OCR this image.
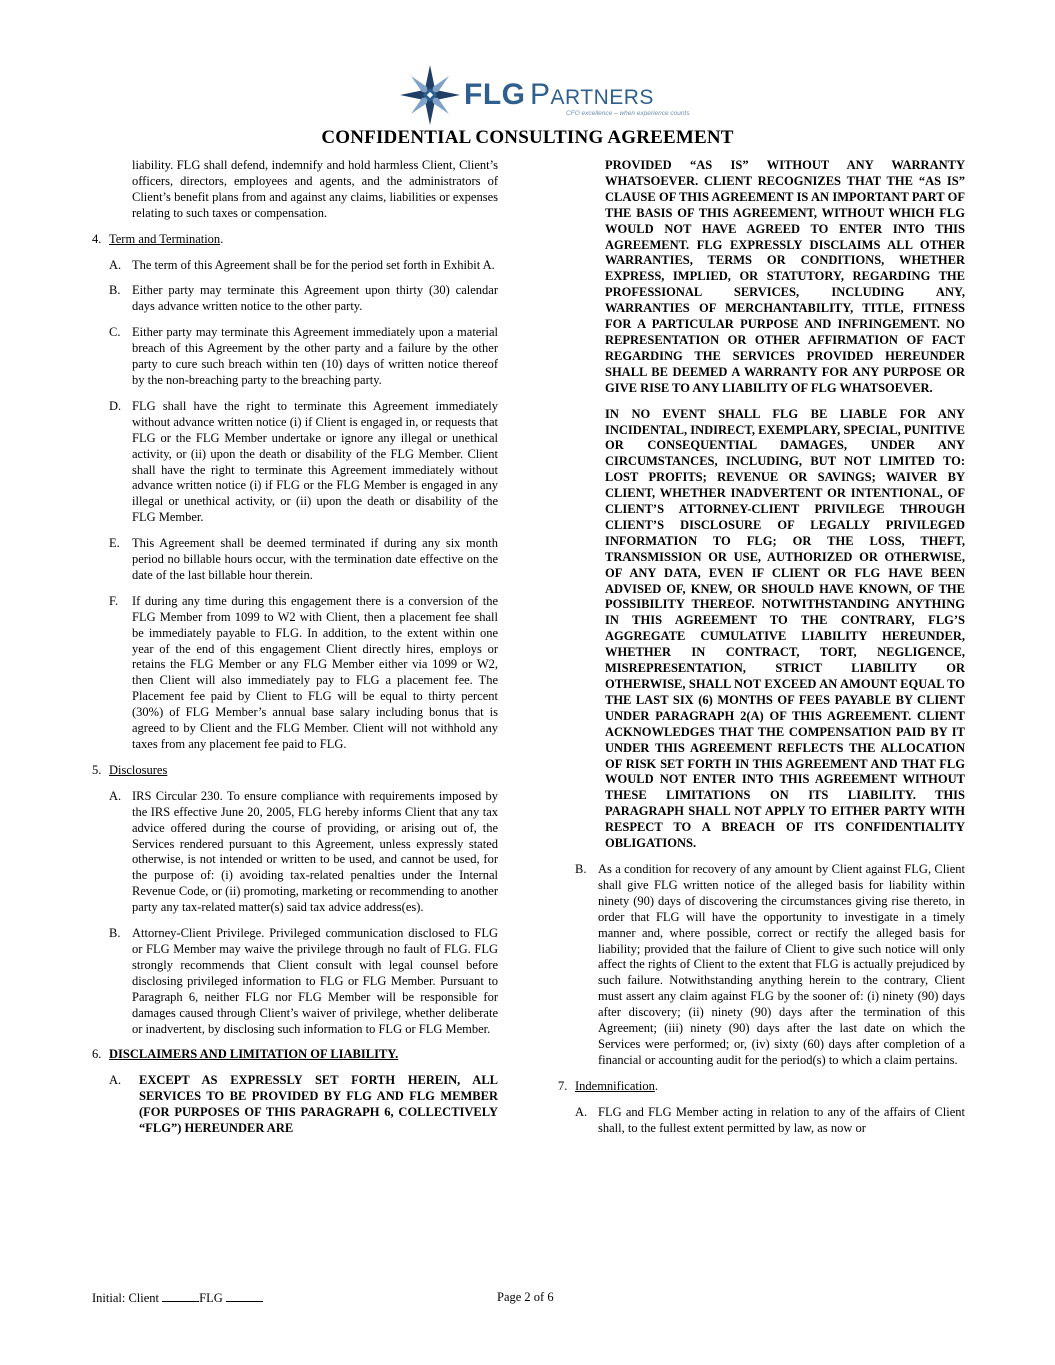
FLG Partners
CFO excellence – when experience counts
CONFIDENTIAL CONSULTING AGREEMENT

liability. FLG shall defend, indemnify and hold harmless Client, Client’s officers, directors, employees and agents, and the administrators of Client’s benefit plans from and against any claims, liabilities or expenses relating to such taxes or compensation.

4. Term and Termination.
A. The term of this Agreement shall be for the period set forth in Exhibit A.

B. Either party may terminate this Agreement upon thirty (30) calendar days advance written notice to the other party.

C. Either party may terminate this Agreement immediately upon a material breach of this Agreement by the other party and a failure by the other party to cure such breach within ten (10) days of written notice thereof by the non-breaching party to the breaching party.

D. FLG shall have the right to terminate this Agreement immediately without advance written notice (i) if Client is engaged in, or requests that FLG or the FLG Member undertake or ignore any illegal or unethical activity, or (ii) upon the death or disability of the FLG Member. Client shall have the right to terminate this Agreement immediately without advance written notice (i) if FLG or the FLG Member is engaged in any illegal or unethical activity, or (ii) upon the death or disability of the FLG Member.

E. This Agreement shall be deemed terminated if during any six month period no billable hours occur, with the termination date effective on the date of the last billable hour therein.

F. If during any time during this engagement there is a conversion of the FLG Member from 1099 to W2 with Client, then a placement fee shall be immediately payable to FLG. In addition, to the extent within one year of the end of this engagement Client directly hires, employs or retains the FLG Member or any FLG Member either via 1099 or W2, then Client will also immediately pay to FLG a placement fee. The Placement fee paid by Client to FLG will be equal to thirty percent (30%) of FLG Member’s annual base salary including bonus that is agreed to by Client and the FLG Member. Client will not withhold any taxes from any placement fee paid to FLG.

5. Disclosures
A. IRS Circular 230. To ensure compliance with requirements imposed by the IRS effective June 20, 2005, FLG hereby informs Client that any tax advice offered during the course of providing, or arising out of, the Services rendered pursuant to this Agreement, unless expressly stated otherwise, is not intended or written to be used, and cannot be used, for the purpose of: (i) avoiding tax-related penalties under the Internal Revenue Code, or (ii) promoting, marketing or recommending to another party any tax-related matter(s) said tax advice address(es).

B. Attorney-Client Privilege. Privileged communication disclosed to FLG or FLG Member may waive the privilege through no fault of FLG. FLG strongly recommends that Client consult with legal counsel before disclosing privileged information to FLG or FLG Member. Pursuant to Paragraph 6, neither FLG nor FLG Member will be responsible for damages caused through Client’s waiver of privilege, whether deliberate or inadvertent, by disclosing such information to FLG or FLG Member.

6. DISCLAIMERS AND LIMITATION OF LIABILITY.
A.	EXCEPT AS EXPRESSLY SET FORTH HEREIN, ALL SERVICES TO BE PROVIDED BY FLG AND FLG MEMBER (FOR PURPOSES OF THIS PARAGRAPH 6, COLLECTIVELY “FLG”) HEREUNDER ARE

PROVIDED “AS IS” WITHOUT ANY WARRANTY WHATSOEVER. CLIENT RECOGNIZES THAT THE “AS IS” CLAUSE OF THIS AGREEMENT IS AN IMPORTANT PART OF THE BASIS OF THIS AGREEMENT, WITHOUT WHICH FLG WOULD NOT HAVE AGREED TO ENTER INTO THIS AGREEMENT. FLG EXPRESSLY DISCLAIMS ALL OTHER WARRANTIES, TERMS OR CONDITIONS, WHETHER EXPRESS, IMPLIED, OR STATUTORY, REGARDING THE PROFESSIONAL SERVICES, INCLUDING ANY, WARRANTIES OF MERCHANTABILITY, TITLE, FITNESS FOR A PARTICULAR PURPOSE AND INFRINGEMENT. NO REPRESENTATION OR OTHER AFFIRMATION OF FACT REGARDING THE SERVICES PROVIDED HEREUNDER SHALL BE DEEMED A WARRANTY FOR ANY PURPOSE OR GIVE RISE TO ANY LIABILITY OF FLG WHATSOEVER.

IN NO EVENT SHALL FLG BE LIABLE FOR ANY INCIDENTAL, INDIRECT, EXEMPLARY, SPECIAL, PUNITIVE OR CONSEQUENTIAL DAMAGES, UNDER ANY CIRCUMSTANCES, INCLUDING, BUT NOT LIMITED TO: LOST PROFITS; REVENUE OR SAVINGS; WAIVER BY CLIENT, WHETHER INADVERTENT OR INTENTIONAL, OF CLIENT’S ATTORNEY-CLIENT PRIVILEGE THROUGH CLIENT’S DISCLOSURE OF LEGALLY PRIVILEGED INFORMATION TO FLG; OR THE LOSS, THEFT, TRANSMISSION OR USE, AUTHORIZED OR OTHERWISE, OF ANY DATA, EVEN IF CLIENT OR FLG HAVE BEEN ADVISED OF, KNEW, OR SHOULD HAVE KNOWN, OF THE POSSIBILITY THEREOF. NOTWITHSTANDING ANYTHING IN THIS AGREEMENT TO THE CONTRARY, FLG’S AGGREGATE CUMULATIVE LIABILITY HEREUNDER, WHETHER IN CONTRACT, TORT, NEGLIGENCE, MISREPRESENTATION, STRICT LIABILITY OR OTHERWISE, SHALL NOT EXCEED AN AMOUNT EQUAL TO THE LAST SIX (6) MONTHS OF FEES PAYABLE BY CLIENT UNDER PARAGRAPH 2(A) OF THIS AGREEMENT. CLIENT ACKNOWLEDGES THAT THE COMPENSATION PAID BY IT UNDER THIS AGREEMENT REFLECTS THE ALLOCATION OF RISK SET FORTH IN THIS AGREEMENT AND THAT FLG WOULD NOT ENTER INTO THIS AGREEMENT WITHOUT THESE LIMITATIONS ON ITS LIABILITY. THIS PARAGRAPH SHALL NOT APPLY TO EITHER PARTY WITH RESPECT TO A BREACH OF ITS CONFIDENTIALITY OBLIGATIONS.

B. As a condition for recovery of any amount by Client against FLG, Client shall give FLG written notice of the alleged basis for liability within ninety (90) days of discovering the circumstances giving rise thereto, in order that FLG will have the opportunity to investigate in a timely manner and, where possible, correct or rectify the alleged basis for liability; provided that the failure of Client to give such notice will only affect the rights of Client to the extent that FLG is actually prejudiced by such failure. Notwithstanding anything herein to the contrary, Client must assert any claim against FLG by the sooner of: (i) ninety (90) days after discovery; (ii) ninety (90) days after the termination of this Agreement; (iii) ninety (90) days after the last date on which the Services were performed; or, (iv) sixty (60) days after completion of a financial or accounting audit for the period(s) to which a claim pertains.

7. Indemnification.
A. FLG and FLG Member acting in relation to any of the affairs of Client shall, to the fullest extent permitted by law, as now or

Initial: Client	FLG	Page 2 of 6
